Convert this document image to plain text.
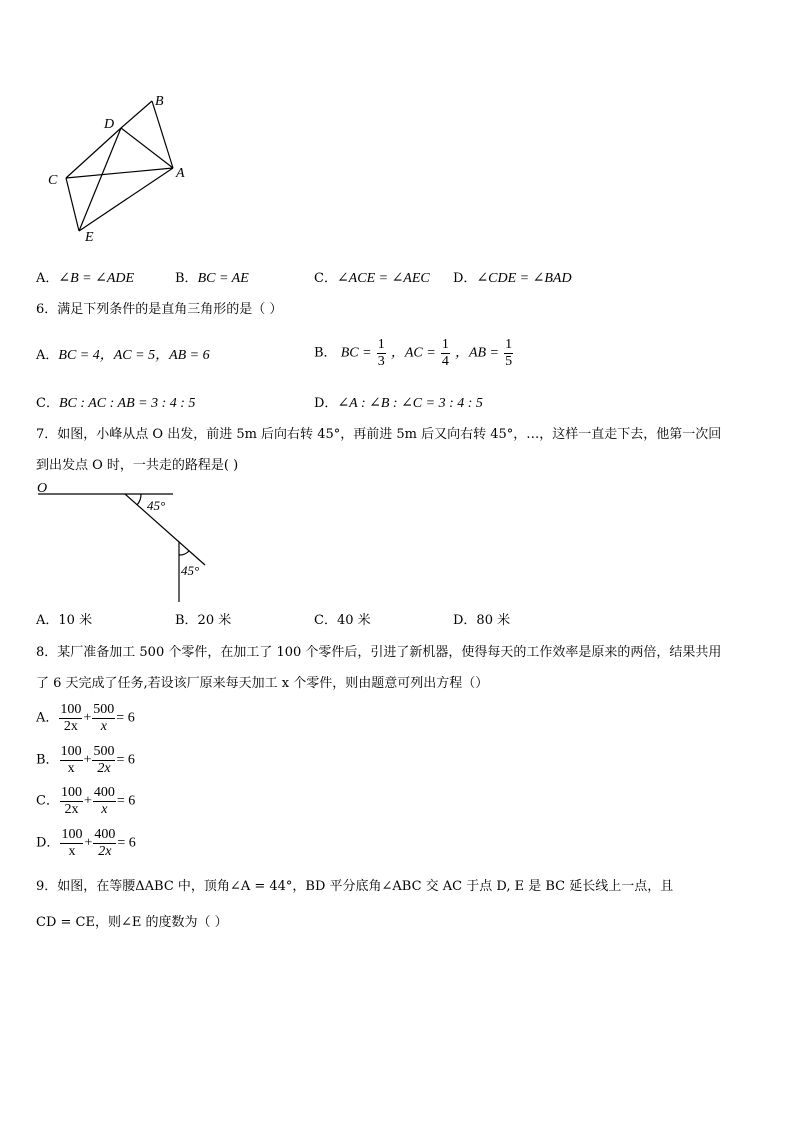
B
D
C	A
E
A．∠B = ∠ADE	B．BC = AE	C．∠ACE = ∠AEC D．∠CDE = ∠BAD
6．满足下列条件的是直角三角形的是（ ）
A．BC = 4，AC = 5，AB = 6	B． BC = $\frac{1}{3}$ ，AC = $\frac{1}{4}$ ，AB = $\frac{1}{5}$
C．BC : AC : AB = 3 : 4 : 5	D．∠A : ∠B : ∠C = 3 : 4 : 5
7．如图，小峰从点 O 出发，前进 5m 后向右转 45°，再前进 5m 后又向右转 45°，…，这样一直走下去，他第一次回
到出发点 O 时，一共走的路程是( )
O
45°
45°
A．10 米	B．20 米	C．40 米	D．80 米
8．某厂准备加工 500 个零件，在加工了 100 个零件后，引进了新机器，使得每天的工作效率是原来的两倍，结果共用
了 6 天完成了任务,若设该厂原来每天加工 x 个零件，则由题意可列出方程（）
A． $\frac{100}{2x} + \frac{500}{x} = 6$
B． $\frac{100}{x} + \frac{500}{2x} = 6$
C． $\frac{100}{2x} + \frac{400}{x} = 6$
D． $\frac{100}{x} + \frac{400}{2x} = 6$
9．如图，在等腰ΔABC 中，顶角∠A = 44°，BD 平分底角∠ABC 交 AC 于点 D, E 是 BC 延长线上一点，且
CD = CE，则∠E 的度数为（ ）
